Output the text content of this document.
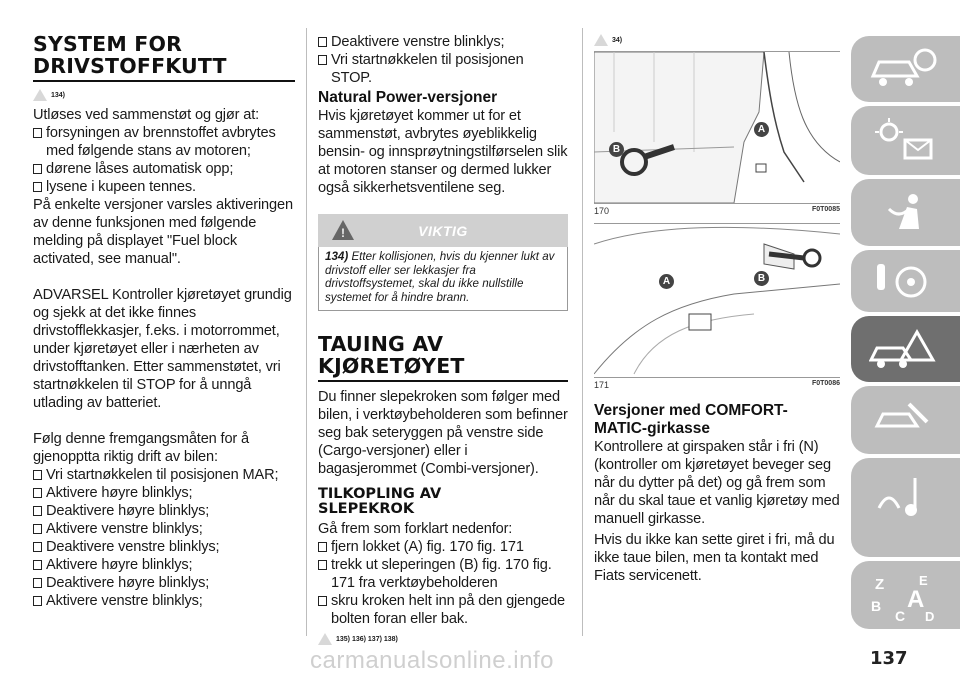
SYSTEM FOR
DRIVSTOFFKUTT
134)

Utløses ved sammenstøt og gjør at:

forsyningen av brennstoffet avbrytes med følgende stans av motoren;
dørene låses automatisk opp;
lysene i kupeen tennes.

På enkelte versjoner varsles aktiveringen av denne funksjonen med følgende melding på displayet "Fuel block activated, see manual".

ADVARSEL Kontroller kjøretøyet grundig og sjekk at det ikke finnes drivstofflekkasjer, f.eks. i motorrommet, under kjøretøyet eller i nærheten av drivstofftanken. Etter sammenstøtet, vri startnøkkelen til STOP for å unngå utlading av batteriet.

Følg denne fremgangsmåten for å gjenopptta riktig drift av bilen:

Vri startnøkkelen til posisjonen MAR;
Aktivere høyre blinklys;
Deaktivere høyre blinklys;
Aktivere venstre blinklys;
Deaktivere venstre blinklys;
Aktivere høyre blinklys;
Deaktivere høyre blinklys;
Aktivere venstre blinklys;
Deaktivere venstre blinklys;
Vri startnøkkelen til posisjonen STOP.
Natural Power-versjoner

Hvis kjøretøyet kommer ut for et sammenstøt, avbrytes øyeblikkelig bensin- og innsprøytningstilførselen slik at motoren stanser og dermed lukker også sikkerhetsventilene seg.

!	VIKTIG
134) Etter kollisjonen, hvis du kjenner lukt av drivstoff eller ser lekkasjer fra drivstoffsystemet, skal du ikke nullstille systemet for å hindre brann.
TAUING AV
KJØRETØYET

Du finner slepekroken som følger med bilen, i verktøybeholderen som befinner seg bak seteryggen på venstre side (Cargo-versjoner) eller i bagasjerommet (Combi-versjoner).

TILKOPLING AV
SLEPEKROK

Gå frem som forklart nedenfor:

fjern lokket (A) fig. 170 fig. 171
trekk ut sleperingen (B) fig. 170 fig. 171 fra verktøybeholderen
skru kroken helt inn på den gjengede bolten foran eller bak.
135) 136) 137) 138)
34)
A
B
170	F0T0085
A	B
171	F0T0086
Versjoner med COMFORT-MATIC-girkasse

Kontrollere at girspaken står i fri (N) (kontroller om kjøretøyet beveger seg når du dytter på det) og gå frem som når du skal taue et vanlig kjøretøy med manuell girkasse.

Hvis du ikke kan sette giret i fri, må du ikke taue bilen, men ta kontakt med Fiats servicenett.	Z	E
B
C D
A
carmanualsonline.info	137
